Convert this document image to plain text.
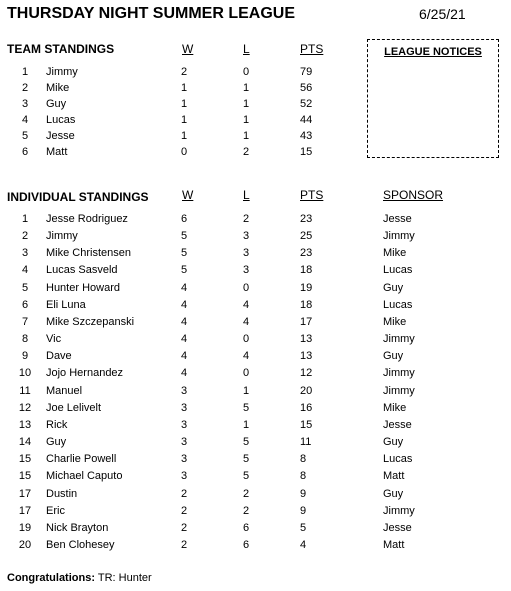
THURSDAY NIGHT SUMMER LEAGUE	6/25/21
TEAM STANDINGS	W	L	PTS
1	Jimmy	2	0	79
2	Mike	1	1	56
3	Guy	1	1	52
4	Lucas	1	1	44
5	Jesse	1	1	43
6	Matt	0	2	15
LEAGUE NOTICES
INDIVIDUAL STANDINGS	W	L	PTS	SPONSOR
1	Jesse Rodriguez	6	2	23	Jesse
2	Jimmy	5	3	25	Jimmy
3	Mike Christensen	5	3	23	Mike
4	Lucas Sasveld	5	3	18	Lucas
5	Hunter Howard	4	0	19	Guy
6	Eli Luna	4	4	18	Lucas
7	Mike Szczepanski	4	4	17	Mike
8	Vic	4	0	13	Jimmy
9	Dave	4	4	13	Guy
10	Jojo Hernandez	4	0	12	Jimmy
11	Manuel	3	1	20	Jimmy
12	Joe Lelivelt	3	5	16	Mike
13	Rick	3	1	15	Jesse
14	Guy	3	5	11	Guy
15	Charlie Powell	3	5	8	Lucas
15	Michael Caputo	3	5	8	Matt
17	Dustin	2	2	9	Guy
17	Eric	2	2	9	Jimmy
19	Nick Brayton	2	6	5	Jesse
20	Ben Clohesey	2	6	4	Matt
Congratulations: TR: Hunter
